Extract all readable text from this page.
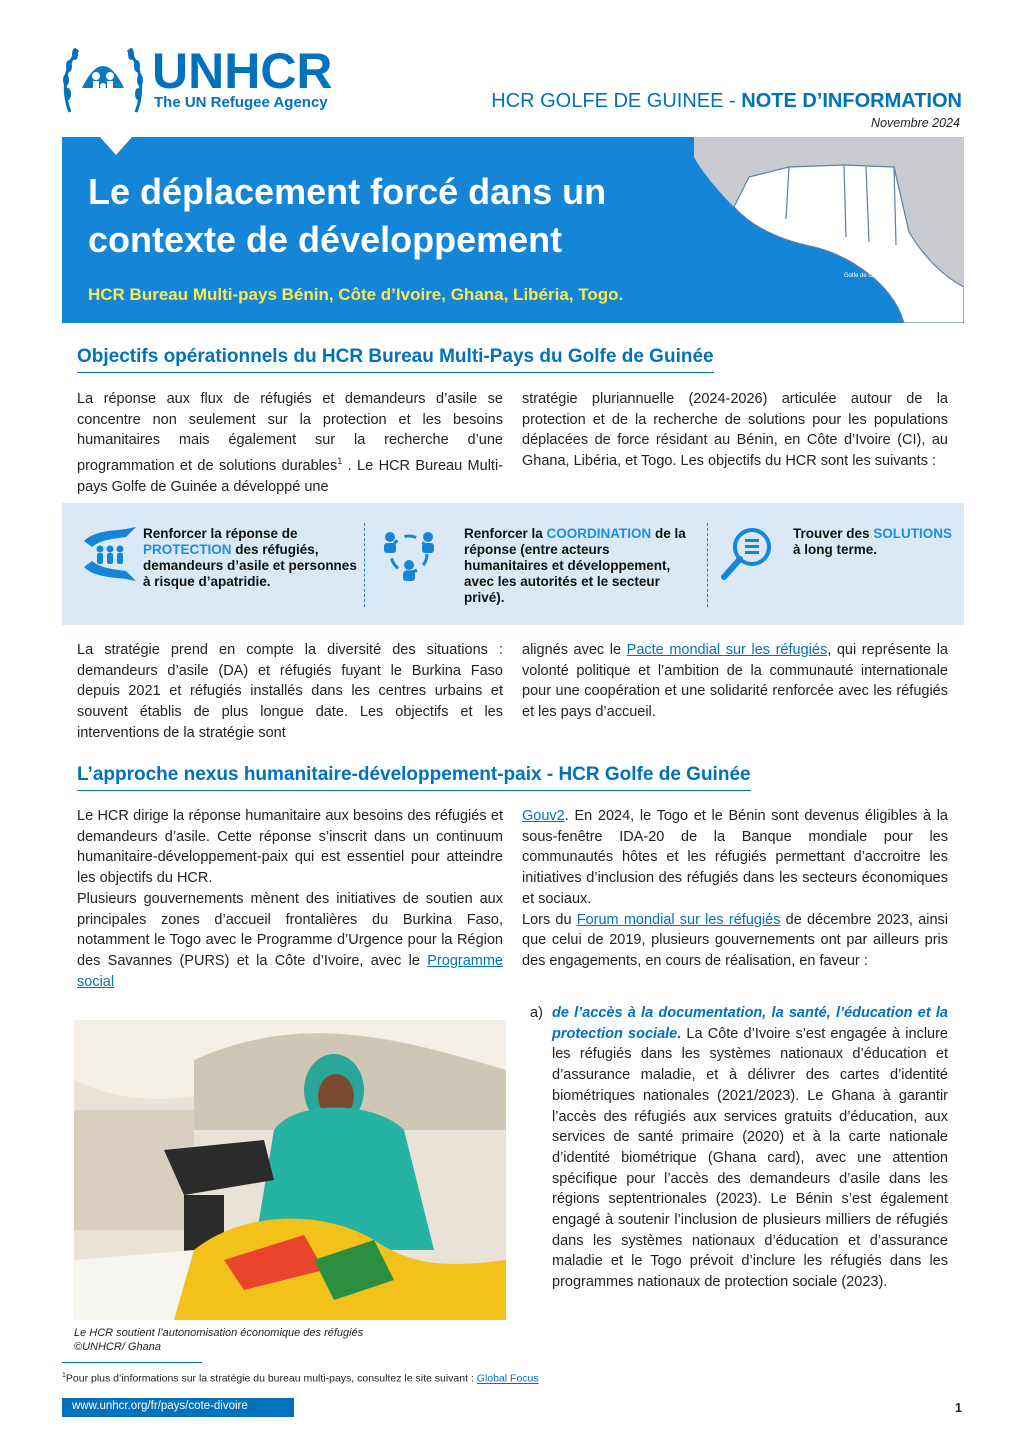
UNHCR
The UN Refugee Agency	HCR GOLFE DE GUINEE - NOTE D’INFORMATION
Novembre 2024
Golfe de Guinée
Le déplacement forcé dans un contexte de développement
HCR Bureau Multi-pays Bénin, Côte d’Ivoire, Ghana, Libéria, Togo.
Objectifs opérationnels du HCR Bureau Multi-Pays du Golfe de Guinée
La réponse aux flux de réfugiés et demandeurs d’asile se concentre non seulement sur la protection et les besoins humanitaires mais également sur la recherche d’une programmation et de solutions durables$^1$ . Le HCR Bureau Multi-pays Golfe de Guinée a développé une
stratégie pluriannuelle (2024-2026) articulée autour de la protection et de la recherche de solutions pour les populations déplacées de force résidant au Bénin, en Côte d’Ivoire (CI), au Ghana, Libéria, et Togo. Les objectifs du HCR sont les suivants :
Renforcer la réponse de PROTECTION des réfugiés, demandeurs d’asile et personnes à risque d’apatridie.
Renforcer la COORDINATION de la réponse (entre acteurs humanitaires et développement, avec les autorités et le secteur privé).
Trouver des SOLUTIONS à long terme.
La stratégie prend en compte la diversité des situations : demandeurs d’asile (DA) et réfugiés fuyant le Burkina Faso depuis 2021 et réfugiés installés dans les centres urbains et souvent établis de plus longue date. Les objectifs et les interventions de la stratégie sont
alignés avec le Pacte mondial sur les réfugiés, qui représente la volonté politique et l’ambition de la communauté internationale pour une coopération et une solidarité renforcée avec les réfugiés et les pays d’accueil.
L’approche nexus humanitaire-développement-paix - HCR Golfe de Guinée
Le HCR dirige la réponse humanitaire aux besoins des réfugiés et demandeurs d’asile. Cette réponse s’inscrit dans un continuum humanitaire-développement-paix qui est essentiel pour atteindre les objectifs du HCR.
Plusieurs gouvernements mènent des initiatives de soutien aux principales zones d’accueil frontalières du Burkina Faso, notamment le Togo avec le Programme d’Urgence pour la Région des Savannes (PURS) et la Côte d’Ivoire, avec le Programme social
Gouv2. En 2024, le Togo et le Bénin sont devenus éligibles à la sous-fenêtre IDA-20 de la Banque mondiale pour les communautés hôtes et les réfugiés permettant d’accroitre les initiatives d’inclusion des réfugiés dans les secteurs économiques et sociaux.
Lors du Forum mondial sur les réfugiés de décembre 2023, ainsi que celui de 2019, plusieurs gouvernements ont par ailleurs pris des engagements, en cours de réalisation, en faveur :
a) de l’accès à la documentation, la santé, l’éducation et la protection sociale. La Côte d’Ivoire s’est engagée à inclure les réfugiés dans les systèmes nationaux d’éducation et d’assurance maladie, et à délivrer des cartes d’identité biométriques nationales (2021/2023). Le Ghana à garantir l’accès des réfugiés aux services gratuits d’éducation, aux services de santé primaire (2020) et à la carte nationale d’identité biométrique (Ghana card), avec une attention spécifique pour l’accès des demandeurs d’asile dans les régions septentrionales (2023). Le Bénin s’est également engagé à soutenir l’inclusion de plusieurs milliers de réfugiés dans les systèmes nationaux d’éducation et d’assurance maladie et le Togo prévoit d’inclure les réfugiés dans les programmes nationaux de protection sociale (2023).
Le HCR soutient l’autonomisation économique des réfugiés
©UNHCR/ Ghana
$^1$Pour plus d’informations sur la stratégie du bureau multi-pays, consultez le site suivant : Global Focus
www.unhcr.org/fr/pays/cote-divoire	1
